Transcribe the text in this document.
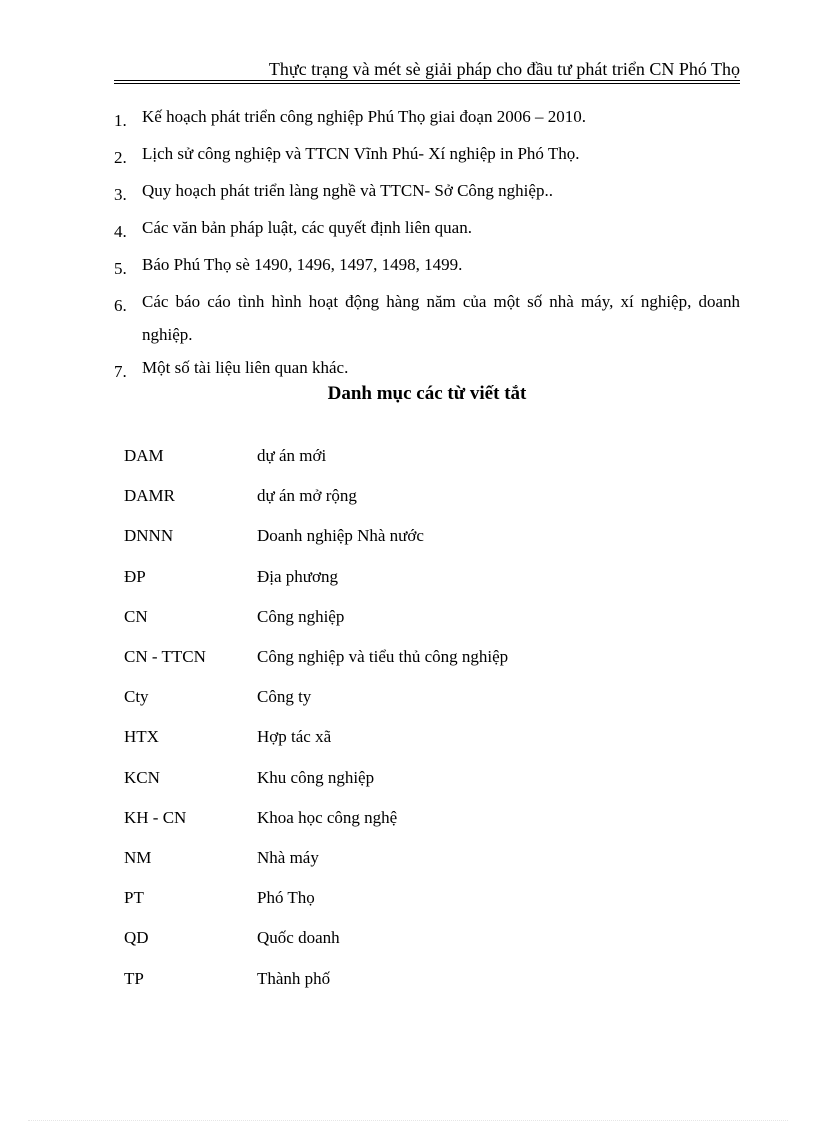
Thực trạng và mét sè giải pháp cho đầu tư phát triển CN Phó Thọ
1. Kế hoạch phát triển công nghiệp Phú Thọ giai đoạn 2006 – 2010.
2. Lịch sử công nghiệp và TTCN Vĩnh Phú- Xí nghiệp in Phó Thọ.
3. Quy hoạch phát triển làng nghề và TTCN- Sở Công nghiệp..
4. Các văn bản pháp luật, các quyết định liên quan.
5. Báo Phú Thọ sè 1490, 1496, 1497, 1498, 1499.
6. Các báo cáo tình hình hoạt động hàng năm của một số nhà máy, xí nghiệp, doanh nghiệp.
7. Một số tài liệu liên quan khác.
Danh mục các từ viết tắt
DAM	dự án mới
DAMR	dự án mở rộng
DNNN	Doanh nghiệp Nhà nước
ĐP	Địa phương
CN	Công nghiệp
CN - TTCN	Công nghiệp và tiểu thủ công nghiệp
Cty	Công ty
HTX	Hợp tác xã
KCN	Khu công nghiệp
KH - CN	Khoa học công nghệ
NM	Nhà máy
PT	Phó Thọ
QD	Quốc doanh
TP	Thành phố
